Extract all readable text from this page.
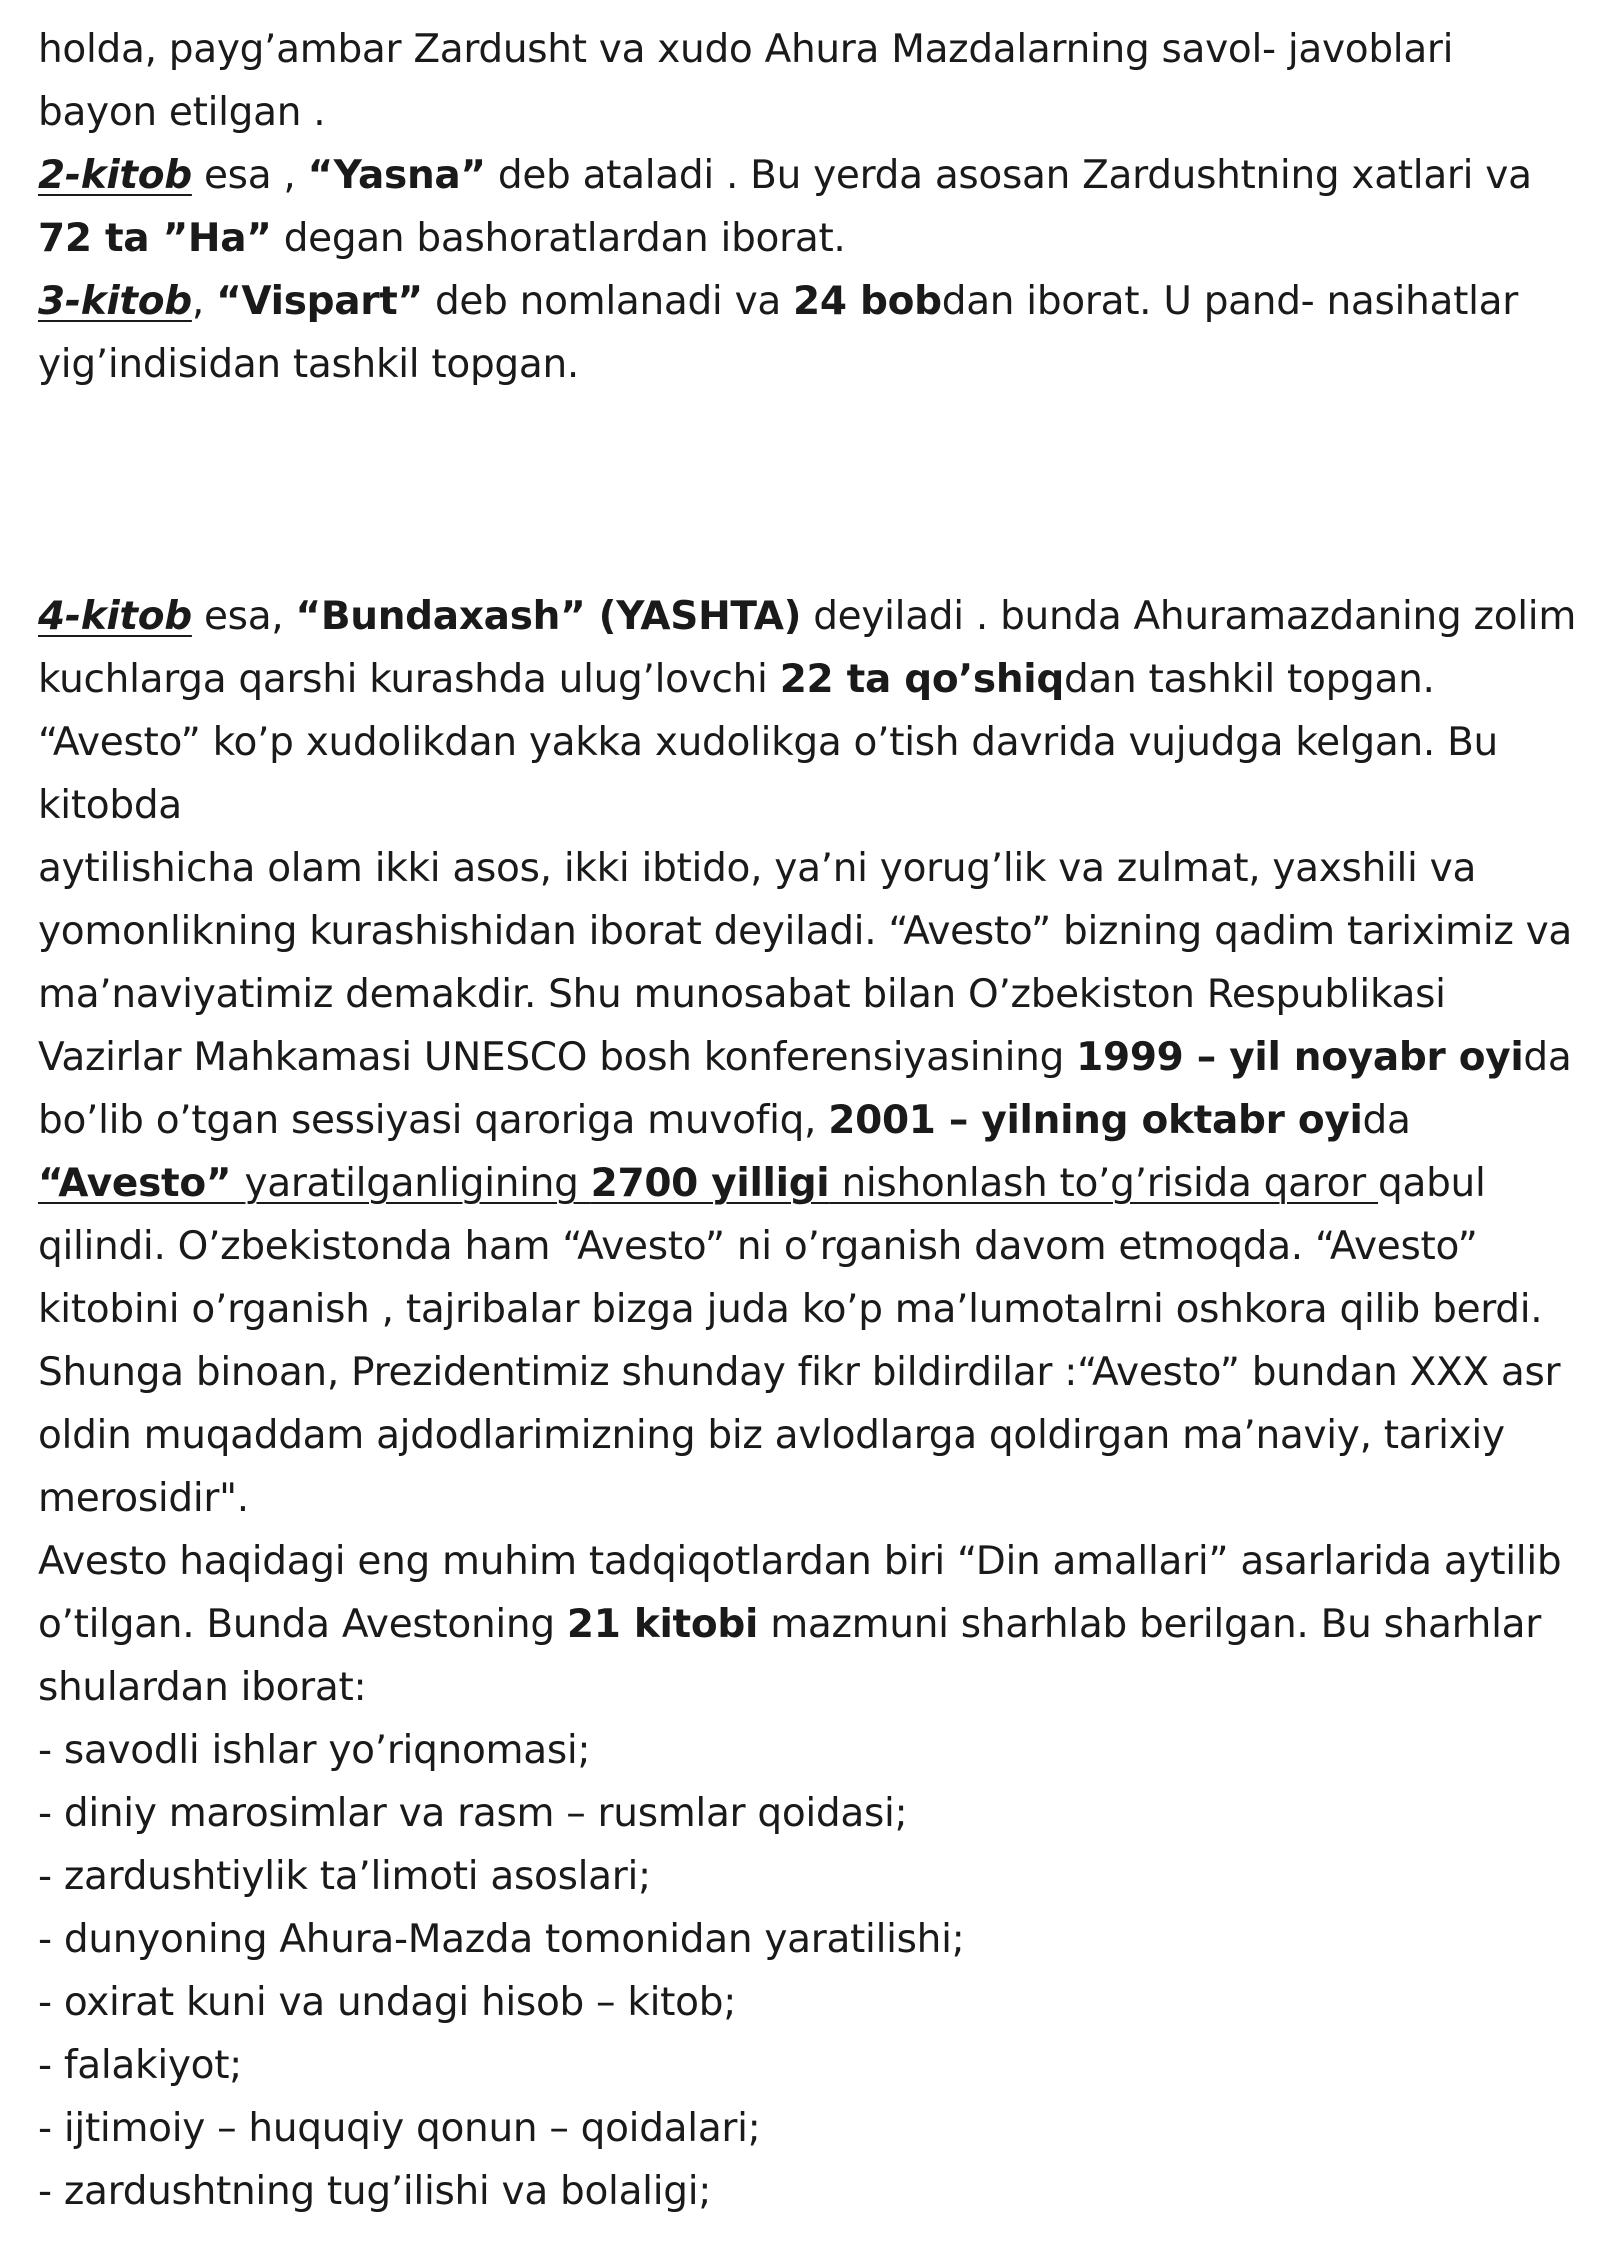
holda, payg’ambar Zardusht va xudo Ahura Mazdalarning savol- javoblari bayon etilgan .

2-kitob esa , “Yasna” deb ataladi . Bu yerda asosan Zardushtning xatlari va 72 ta ”Ha” degan bashoratlardan iborat.

3-kitob, “Vispart” deb nomlanadi va 24 bobdan iborat. U pand- nasihatlar yig’indisidan tashkil topgan.

4-kitob esa, “Bundaxash” (YASHTA) deyiladi . bunda Ahuramazdaning zolim kuchlarga qarshi kurashda ulug’lovchi 22 ta qo’shiqdan tashkil topgan.

“Avesto” ko’p xudolikdan yakka xudolikga o’tish davrida vujudga kelgan. Bu kitobda

aytilishicha olam ikki asos, ikki ibtido, ya’ni yorug’lik va zulmat, yaxshili va yomonlikning kurashishidan iborat deyiladi. “Avesto” bizning qadim tariximiz va ma’naviyatimiz demakdir. Shu munosabat bilan O’zbekiston Respublikasi Vazirlar Mahkamasi UNESCO bosh konferensiyasining 1999 – yil noyabr oyida bo’lib o’tgan sessiyasi qaroriga muvofiq, 2001 – yilning oktabr oyida “Avesto” yaratilganligining 2700 yilligi nishonlash to’g’risida qaror qabul qilindi. O’zbekistonda ham “Avesto” ni o’rganish davom etmoqda. “Avesto” kitobini o’rganish , tajribalar bizga juda ko’p ma’lumotalrni oshkora qilib berdi. Shunga binoan, Prezidentimiz shunday fikr bildirdilar :“Avesto” bundan XXX asr oldin muqaddam ajdodlarimizning biz avlodlarga qoldirgan ma’naviy, tarixiy merosidir".

Avesto haqidagi eng muhim tadqiqotlardan biri “Din amallari” asarlarida aytilib o’tilgan. Bunda Avestoning 21 kitobi mazmuni sharhlab berilgan. Bu sharhlar shulardan iborat:

- savodli ishlar yo’riqnomasi;
- diniy marosimlar va rasm – rusmlar qoidasi;
- zardushtiylik ta’limoti asoslari;
- dunyoning Ahura-Mazda tomonidan yaratilishi;
- oxirat kuni va undagi hisob – kitob;
- falakiyot;
- ijtimoiy – huquqiy qonun – qoidalari;
- zardushtning tug’ilishi va bolaligi;
